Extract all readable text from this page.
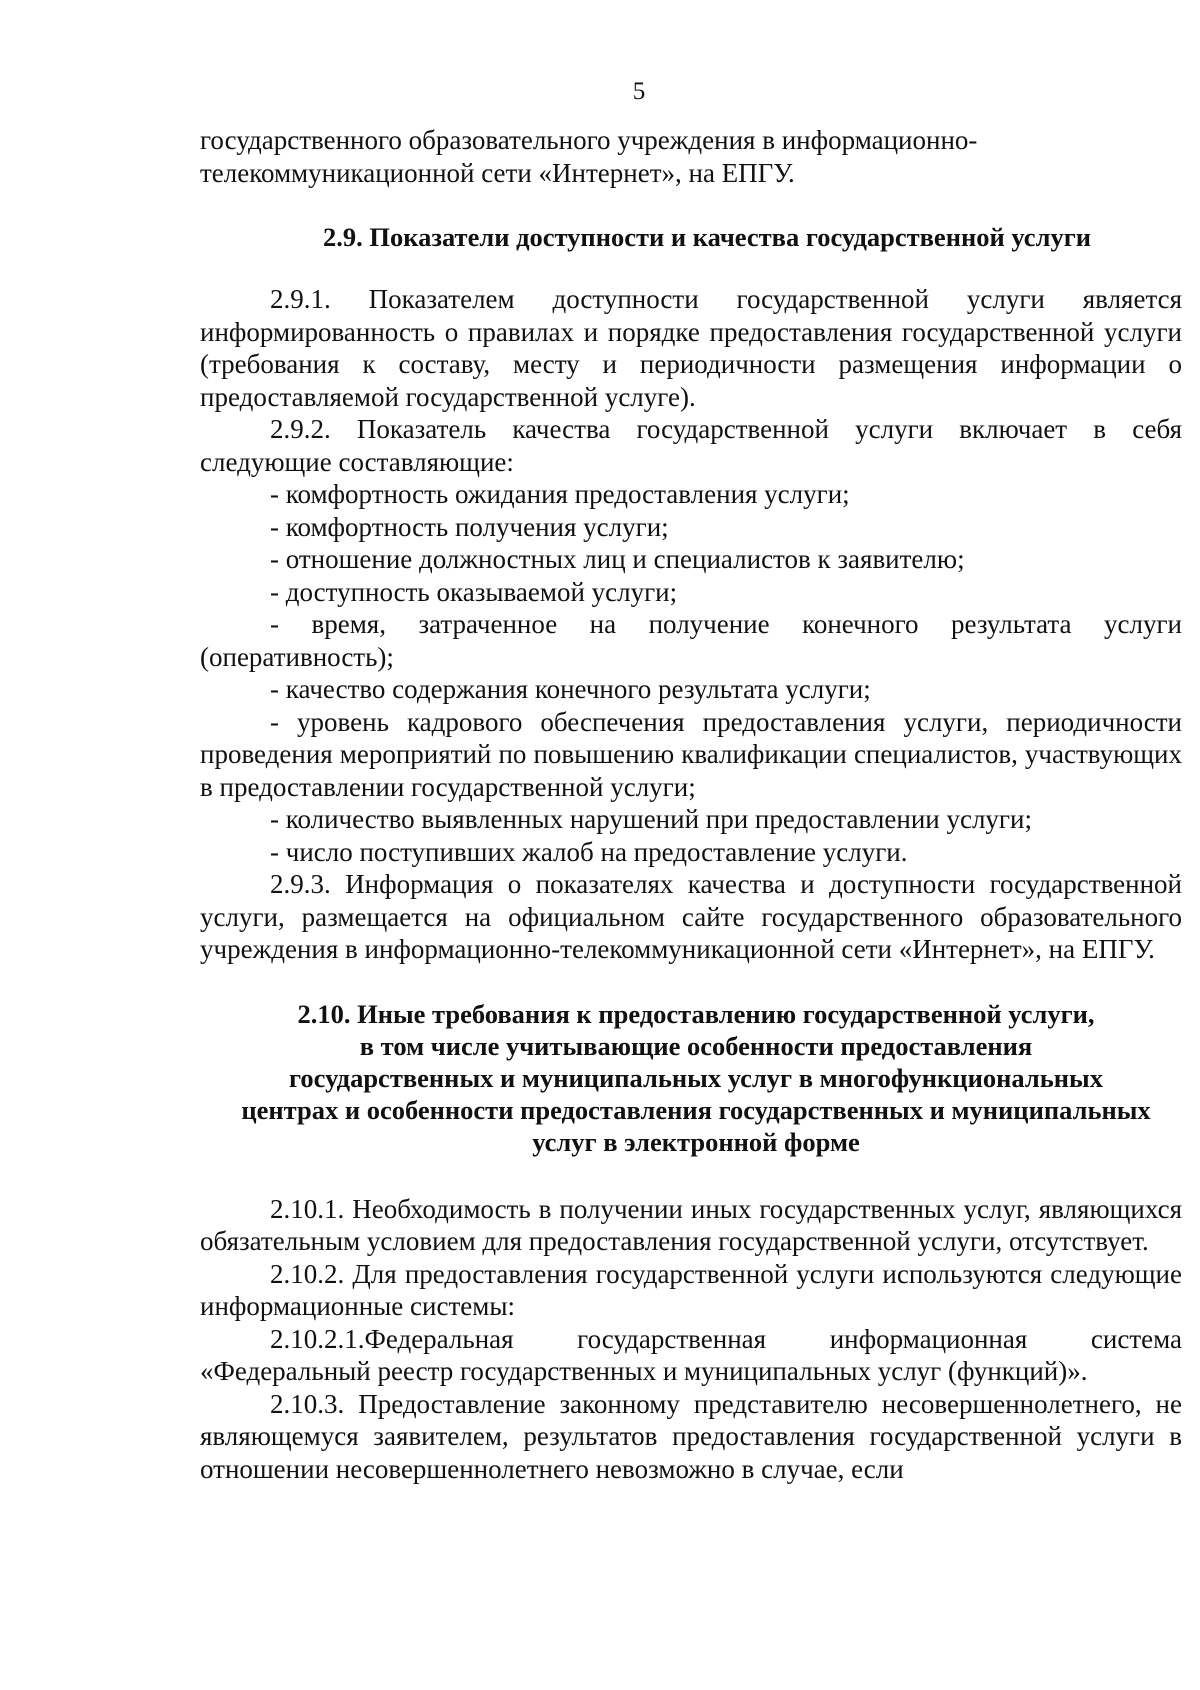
5

государственного образовательного учреждения в информационно-

телекоммуникационной сети «Интернет», на ЕПГУ.

2.9. Показатели доступности и качества государственной услуги

2.9.1. Показателем доступности государственной услуги является информированность о правилах и порядке предоставления государственной услуги (требования к составу, месту и периодичности размещения информации о предоставляемой государственной услуге).

2.9.2. Показатель качества государственной услуги включает в себя следующие составляющие:

- комфортность ожидания предоставления услуги;

- комфортность получения услуги;

- отношение должностных лиц и специалистов к заявителю;

- доступность оказываемой услуги;

- время, затраченное на получение конечного результата услуги (оперативность);

- качество содержания конечного результата услуги;

- уровень кадрового обеспечения предоставления услуги, периодичности проведения мероприятий по повышению квалификации специалистов, участвующих в предоставлении государственной услуги;

- количество выявленных нарушений при предоставлении услуги;

- число поступивших жалоб на предоставление услуги.

2.9.3. Информация о показателях качества и доступности государственной услуги, размещается на официальном сайте государственного образовательного учреждения в информационно-телекоммуникационной сети «Интернет», на ЕПГУ.

2.10. Иные требования к предоставлению государственной услуги,
в том числе учитывающие особенности предоставления
государственных и муниципальных услуг в многофункциональных
центрах и особенности предоставления государственных и муниципальных
услуг в электронной форме

2.10.1. Необходимость в получении иных государственных услуг, являющихся обязательным условием для предоставления государственной услуги, отсутствует.

2.10.2. Для предоставления государственной услуги используются следующие информационные системы:

2.10.2.1.Федеральная государственная информационная система «Федеральный реестр государственных и муниципальных услуг (функций)».

2.10.3. Предоставление законному представителю несовершеннолетнего, не являющемуся заявителем, результатов предоставления государственной услуги в отношении несовершеннолетнего невозможно в случае, если
